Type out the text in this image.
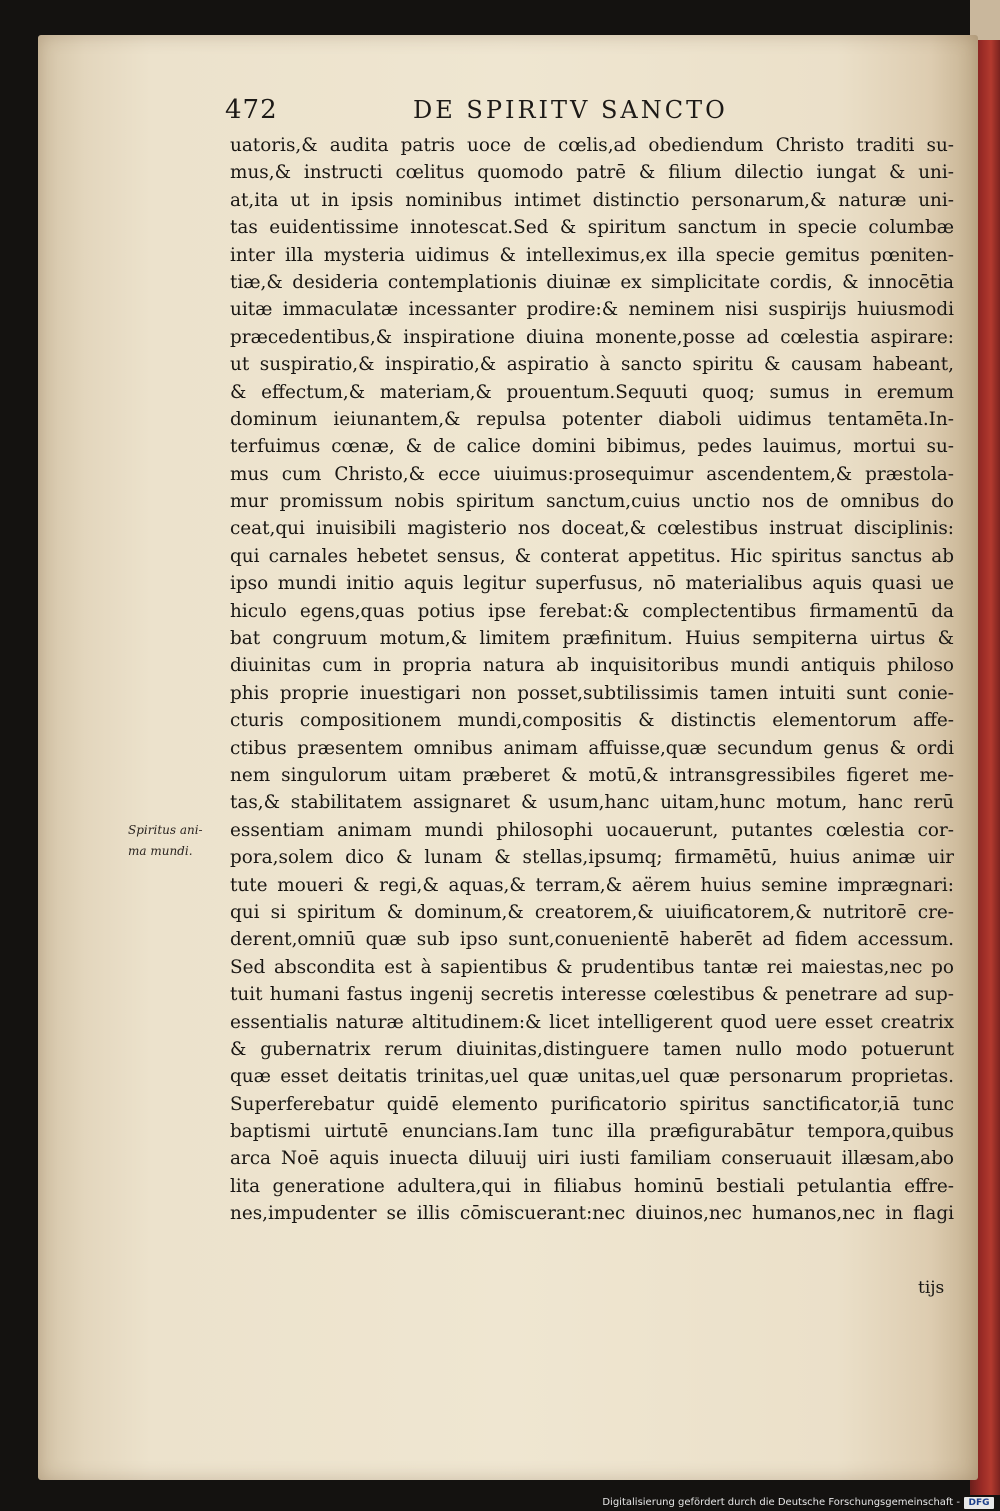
472	DE SPIRITV SANCTO
uatoris,& audita patris uoce de cœlis,ad obediendum Christo traditi su-
mus,& instructi cœlitus quomodo patrē & filium dilectio iungat & uni-
at,ita ut in ipsis nominibus intimet distinctio personarum,& naturæ uni-
tas euidentissime innotescat.Sed & spiritum sanctum in specie columbæ
inter illa mysteria uidimus & intelleximus,ex illa specie gemitus pœniten-
tiæ,& desideria contemplationis diuinæ ex simplicitate cordis, & innocētia
uitæ immaculatæ incessanter prodire:& neminem nisi suspirijs huiusmodi
præcedentibus,& inspiratione diuina monente,posse ad cœlestia aspirare:
ut suspiratio,& inspiratio,& aspiratio à sancto spiritu & causam habeant,
& effectum,& materiam,& prouentum.Sequuti quoq; sumus in eremum
dominum ieiunantem,& repulsa potenter diaboli uidimus tentamēta.In-
terfuimus cœnæ, & de calice domini bibimus, pedes lauimus, mortui su-
mus cum Christo,& ecce uiuimus:prosequimur ascendentem,& præstola-
mur promissum nobis spiritum sanctum,cuius unctio nos de omnibus do
ceat,qui inuisibili magisterio nos doceat,& cœlestibus instruat disciplinis:
qui carnales hebetet sensus, & conterat appetitus. Hic spiritus sanctus ab
ipso mundi initio aquis legitur superfusus, nō materialibus aquis quasi ue
hiculo egens,quas potius ipse ferebat:& complectentibus firmamentū da
bat congruum motum,& limitem præfinitum. Huius sempiterna uirtus &
diuinitas cum in propria natura ab inquisitoribus mundi antiquis philoso
phis proprie inuestigari non posset,subtilissimis tamen intuiti sunt conie-
cturis compositionem mundi,compositis & distinctis elementorum affe-
ctibus præsentem omnibus animam affuisse,quæ secundum genus & ordi
nem singulorum uitam præberet & motū,& intransgressibiles figeret me-
tas,& stabilitatem assignaret & usum,hanc uitam,hunc motum, hanc rerū
essentiam animam mundi philosophi uocauerunt, putantes cœlestia cor-
pora,solem dico & lunam & stellas,ipsumq; firmamētū, huius animæ uir
tute moueri & regi,& aquas,& terram,& aërem huius semine imprægnari:
qui si spiritum & dominum,& creatorem,& uiuificatorem,& nutritorē cre-
derent,omniū quæ sub ipso sunt,conuenientē haberēt ad fidem accessum.
Sed abscondita est à sapientibus & prudentibus tantæ rei maiestas,nec po
tuit humani fastus ingenij secretis interesse cœlestibus & penetrare ad sup-
essentialis naturæ altitudinem:& licet intelligerent quod uere esset creatrix
& gubernatrix rerum diuinitas,distinguere tamen nullo modo potuerunt
quæ esset deitatis trinitas,uel quæ unitas,uel quæ personarum proprietas.
Superferebatur quidē elemento purificatorio spiritus sanctificator,iā tunc
baptismi uirtutē enuncians.Iam tunc illa præfigurabātur tempora,quibus
arca Noē aquis inuecta diluuij uiri iusti familiam conseruauit illæsam,abo
lita generatione adultera,qui in filiabus hominū bestiali petulantia effre-
nes,impudenter se illis cōmiscuerant:nec diuinos,nec humanos,nec in flagi
Spiritus ani-
ma mundi.
tijs
Digitalisierung gefördert durch die Deutsche Forschungsgemeinschaft - DFG
